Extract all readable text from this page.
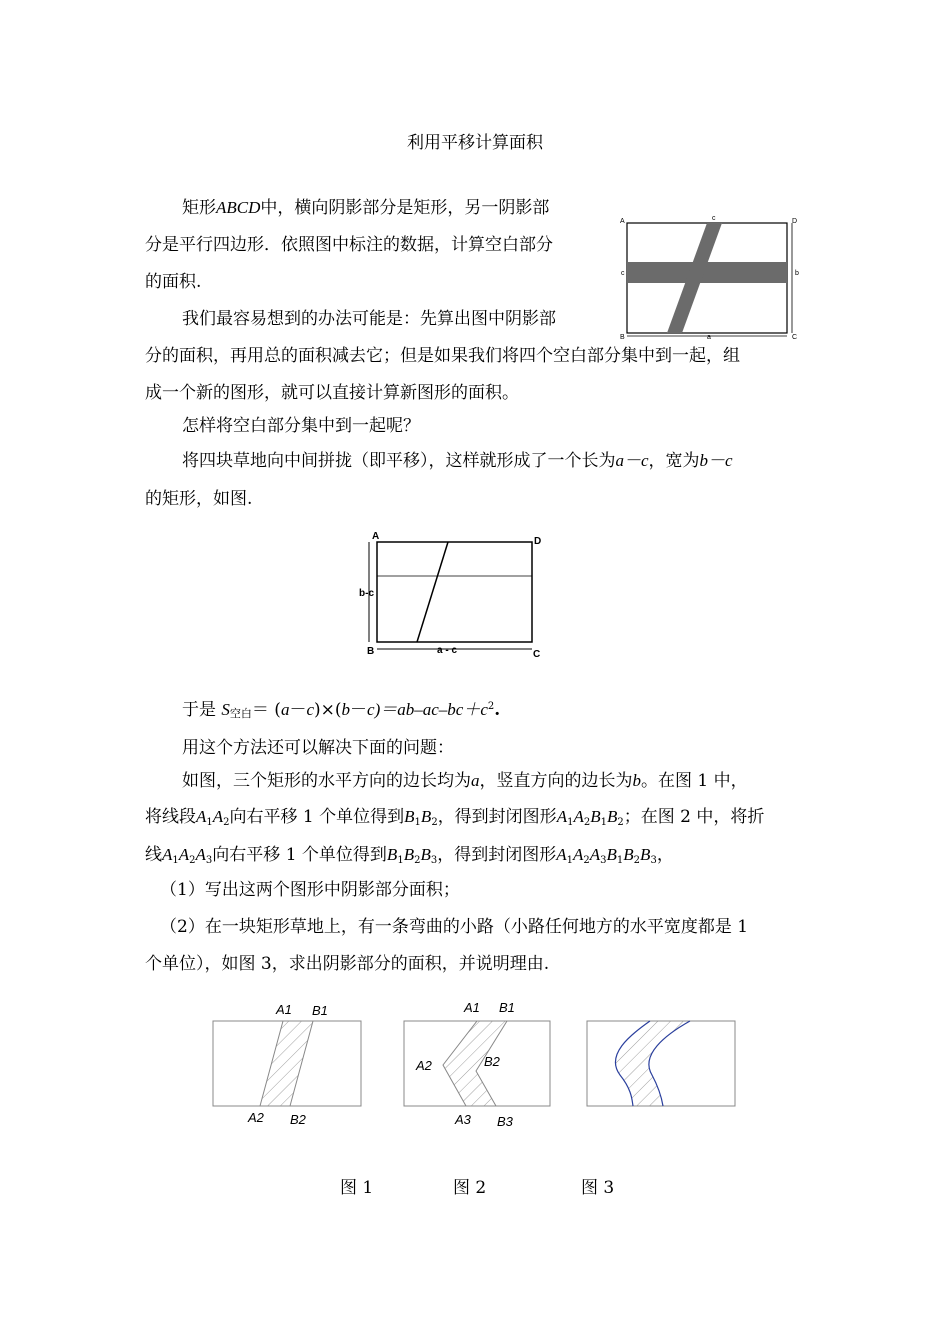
利用平移计算面积
矩形ABCD中，横向阴影部分是矩形，另一阴影部
分是平行四边形．依照图中标注的数据，计算空白部分
的面积.
我们最容易想到的办法可能是：先算出图中阴影部
分的面积，再用总的面积减去它；但是如果我们将四个空白部分集中到一起，组
成一个新的图形，就可以直接计算新图形的面积。
怎样将空白部分集中到一起呢？
将四块草地向中间拼拢（即平移），这样就形成了一个长为a－c，宽为b－c
的矩形，如图.
A	D
B	C
c
c	b
a
A	D
B	C
b-c
a - c
于是 S空白＝ $(a-c)\times(b-c)=ab-ac-bc+c^2$.
用这个方法还可以解决下面的问题：
如图，三个矩形的水平方向的边长均为a，竖直方向的边长为b。在图 1 中，
将线段$A_1A_2$向右平移 1 个单位得到$B_1B_2$，得到封闭图形$A_1A_2B_1B_2$；在图 2 中，将折
线$A_1A_2A_3$向右平移 1 个单位得到$B_1B_2B_3$，得到封闭图形$A_1A_2A_3B_1B_2B_3$，
（1）写出这两个图形中阴影部分面积；
（2）在一块矩形草地上，有一条弯曲的小路（小路任何地方的水平宽度都是 1
个单位），如图 3，求出阴影部分的面积，并说明理由.
A1 B1
A2 B2
A1 B1
A2	B2
A3 B3
图 1	图 2	图 3
